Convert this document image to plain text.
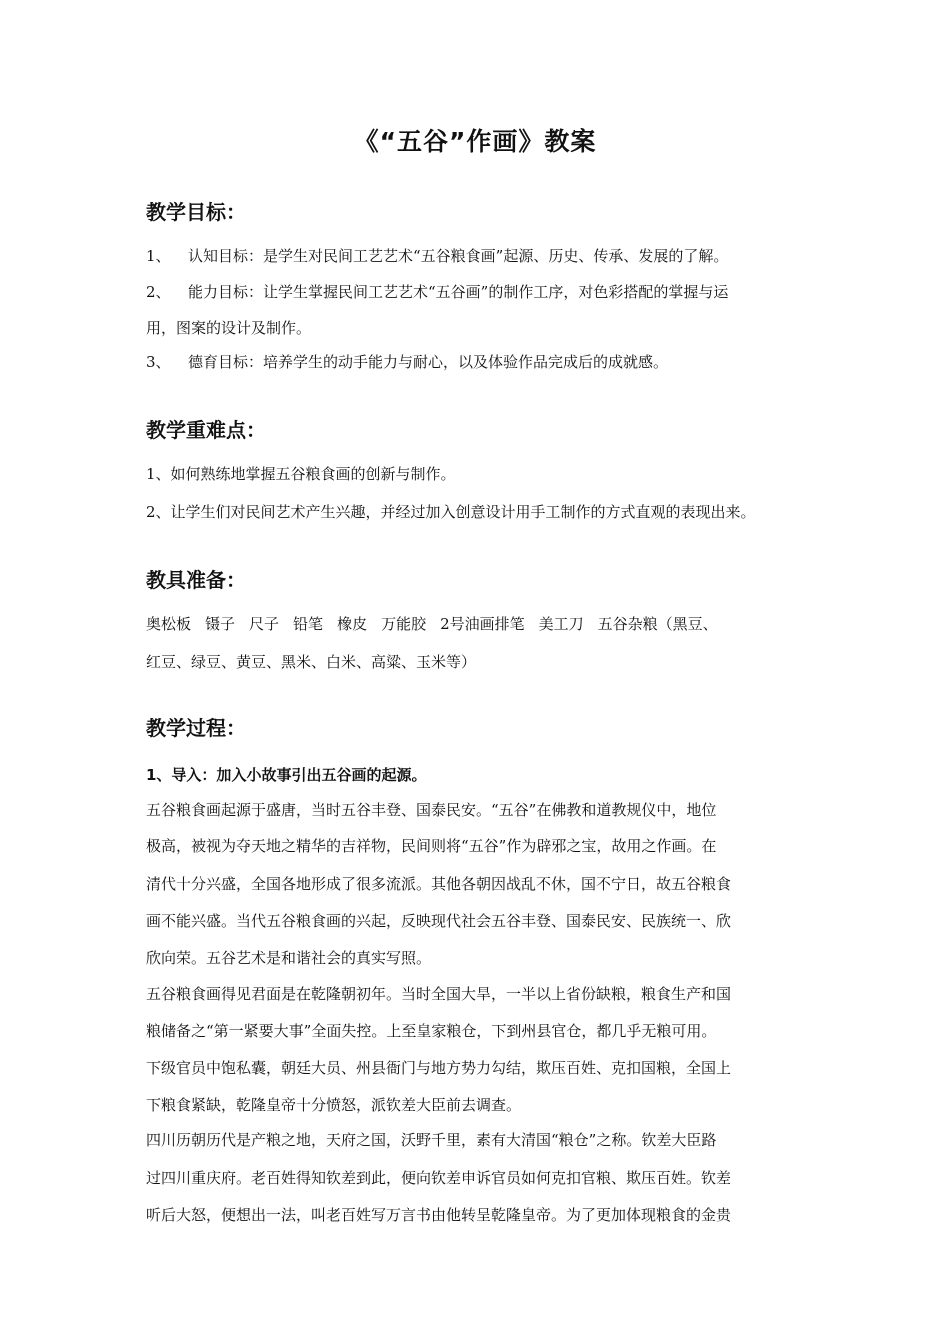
《“五谷”作画》教案
教学目标：
1、 认知目标：是学生对民间工艺艺术“五谷粮食画”起源、历史、传承、发展的了解。
2、 能力目标：让学生掌握民间工艺艺术“五谷画”的制作工序，对色彩搭配的掌握与运
用，图案的设计及制作。
3、 德育目标：培养学生的动手能力与耐心，以及体验作品完成后的成就感。
教学重难点：
1、如何熟练地掌握五谷粮食画的创新与制作。
2、让学生们对民间艺术产生兴趣，并经过加入创意设计用手工制作的方式直观的表现出来。
教具准备：
奥松板 镊子 尺子 铅笔 橡皮 万能胶 2号油画排笔 美工刀 五谷杂粮（黑豆、
红豆、绿豆、黄豆、黑米、白米、高粱、玉米等）
教学过程：
1、导入：加入小故事引出五谷画的起源。
五谷粮食画起源于盛唐，当时五谷丰登、国泰民安。“五谷”在佛教和道教规仪中，地位
极高，被视为夺天地之精华的吉祥物，民间则将“五谷”作为辟邪之宝，故用之作画。在
清代十分兴盛，全国各地形成了很多流派。其他各朝因战乱不休，国不宁日，故五谷粮食
画不能兴盛。当代五谷粮食画的兴起，反映现代社会五谷丰登、国泰民安、民族统一、欣
欣向荣。五谷艺术是和谐社会的真实写照。
五谷粮食画得见君面是在乾隆朝初年。当时全国大旱，一半以上省份缺粮，粮食生产和国
粮储备之“第一紧要大事”全面失控。上至皇家粮仓，下到州县官仓，都几乎无粮可用。
下级官员中饱私囊，朝廷大员、州县衙门与地方势力勾结，欺压百姓、克扣国粮，全国上
下粮食紧缺，乾隆皇帝十分愤怒，派钦差大臣前去调查。
四川历朝历代是产粮之地，天府之国，沃野千里，素有大清国“粮仓”之称。钦差大臣路
过四川重庆府。老百姓得知钦差到此，便向钦差申诉官员如何克扣官粮、欺压百姓。钦差
听后大怒，便想出一法，叫老百姓写万言书由他转呈乾隆皇帝。为了更加体现粮食的金贵
